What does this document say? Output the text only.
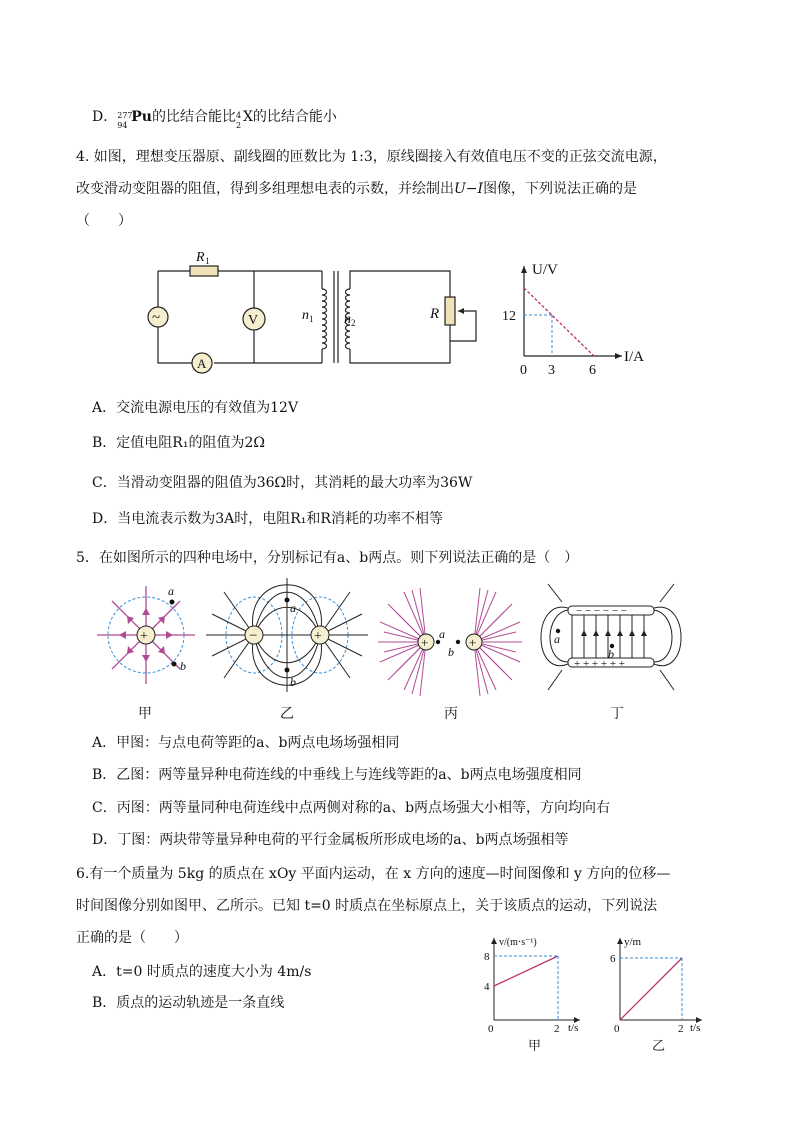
D． 277
94
Pu的比结合能比 4
2
X的比结合能小
4. 如图，理想变压器原、副线圈的匝数比为 1:3，原线圈接入有效值电压不变的正弦交流电源，
改变滑动变阻器的阻值，得到多组理想电表的示数，并绘制出U−I图像，下列说法正确的是
（　　）
~	V
A
R 1
n 1 n 2
R
U/V
I/A
0
12
3 6
A．交流电源电压的有效值为12V
B．定值电阻R₁的阻值为2Ω
C．当滑动变阻器的阻值为36Ω时，其消耗的最大功率为36W
D．当电流表示数为3A时，电阻R₁和R消耗的功率不相等
5．在如图所示的四种电场中，分别标记有a、b两点。则下列说法正确的是（　）
+
a
b
−	+
a
b
+	+
a
b
− − − − − −
+ + + + + +
a
b
甲	乙	丙	丁
A．甲图：与点电荷等距的a、b两点电场场强相同
B．乙图：两等量异种电荷连线的中垂线上与连线等距的a、b两点电场强度相同
C．丙图：两等量同种电荷连线中点两侧对称的a、b两点场强大小相等，方向均向右
D．丁图：两块带等量异种电荷的平行金属板所形成电场的a、b两点场强相等
6.有一个质量为 5kg 的质点在 xOy 平面内运动，在 x 方向的速度—时间图像和 y 方向的位移—
时间图像分别如图甲、乙所示。已知 t=0 时质点在坐标原点上，关于该质点的运动，下列说法
正确的是（　　）
A．t=0 时质点的速度大小为 4m/s
B．质点的运动轨迹是一条直线
v/(m·s⁻¹)
t/s
8
4
0	2
甲
y/m
t/s
6
0	2
乙
